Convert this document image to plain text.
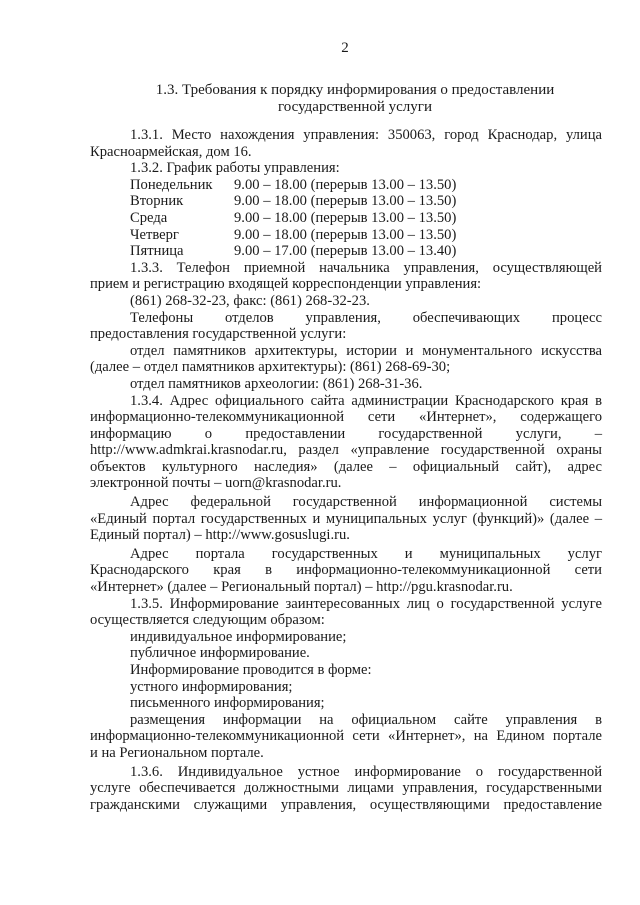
2
1.3. Требования к порядку информирования о предоставлении
государственной услуги
1.3.1. Место нахождения управления: 350063, город Краснодар, улица
Красноармейская, дом 16.
1.3.2. График работы управления:
Понедельник	9.00 – 18.00 (перерыв 13.00 – 13.50)
Вторник	9.00 – 18.00 (перерыв 13.00 – 13.50)
Среда	9.00 – 18.00 (перерыв 13.00 – 13.50)
Четверг	9.00 – 18.00 (перерыв 13.00 – 13.50)
Пятница	9.00 – 17.00 (перерыв 13.00 – 13.40)
1.3.3. Телефон приемной начальника управления, осуществляющей
прием и регистрацию входящей корреспонденции управления:
(861) 268-32-23, факс: (861) 268-32-23.
Телефоны отделов управления, обеспечивающих процесс
предоставления государственной услуги:
отдел памятников архитектуры, истории и монументального искусства
(далее – отдел памятников архитектуры): (861) 268-69-30;
отдел памятников археологии: (861) 268-31-36.
1.3.4. Адрес официального сайта администрации Краснодарского края в
информационно-телекоммуникационной сети «Интернет», содержащего
информацию о предоставлении государственной услуги, –
http://www.admkrai.krasnodar.ru, раздел «управление государственной охраны
объектов культурного наследия» (далее – официальный сайт), адрес
электронной почты – uorn@krasnodar.ru.
Адрес федеральной государственной информационной системы
«Единый портал государственных и муниципальных услуг (функций)» (далее –
Единый портал) – http://www.gosuslugi.ru.
Адрес портала государственных и муниципальных услуг
Краснодарского края в информационно-телекоммуникационной сети
«Интернет» (далее – Региональный портал) – http://pgu.krasnodar.ru.
1.3.5. Информирование заинтересованных лиц о государственной услуге
осуществляется следующим образом:
индивидуальное информирование;
публичное информирование.
Информирование проводится в форме:
устного информирования;
письменного информирования;
размещения информации на официальном сайте управления в
информационно-телекоммуникационной сети «Интернет», на Едином портале
и на Региональном портале.
1.3.6. Индивидуальное устное информирование о государственной
услуге обеспечивается должностными лицами управления, государственными
гражданскими служащими управления, осуществляющими предоставление
